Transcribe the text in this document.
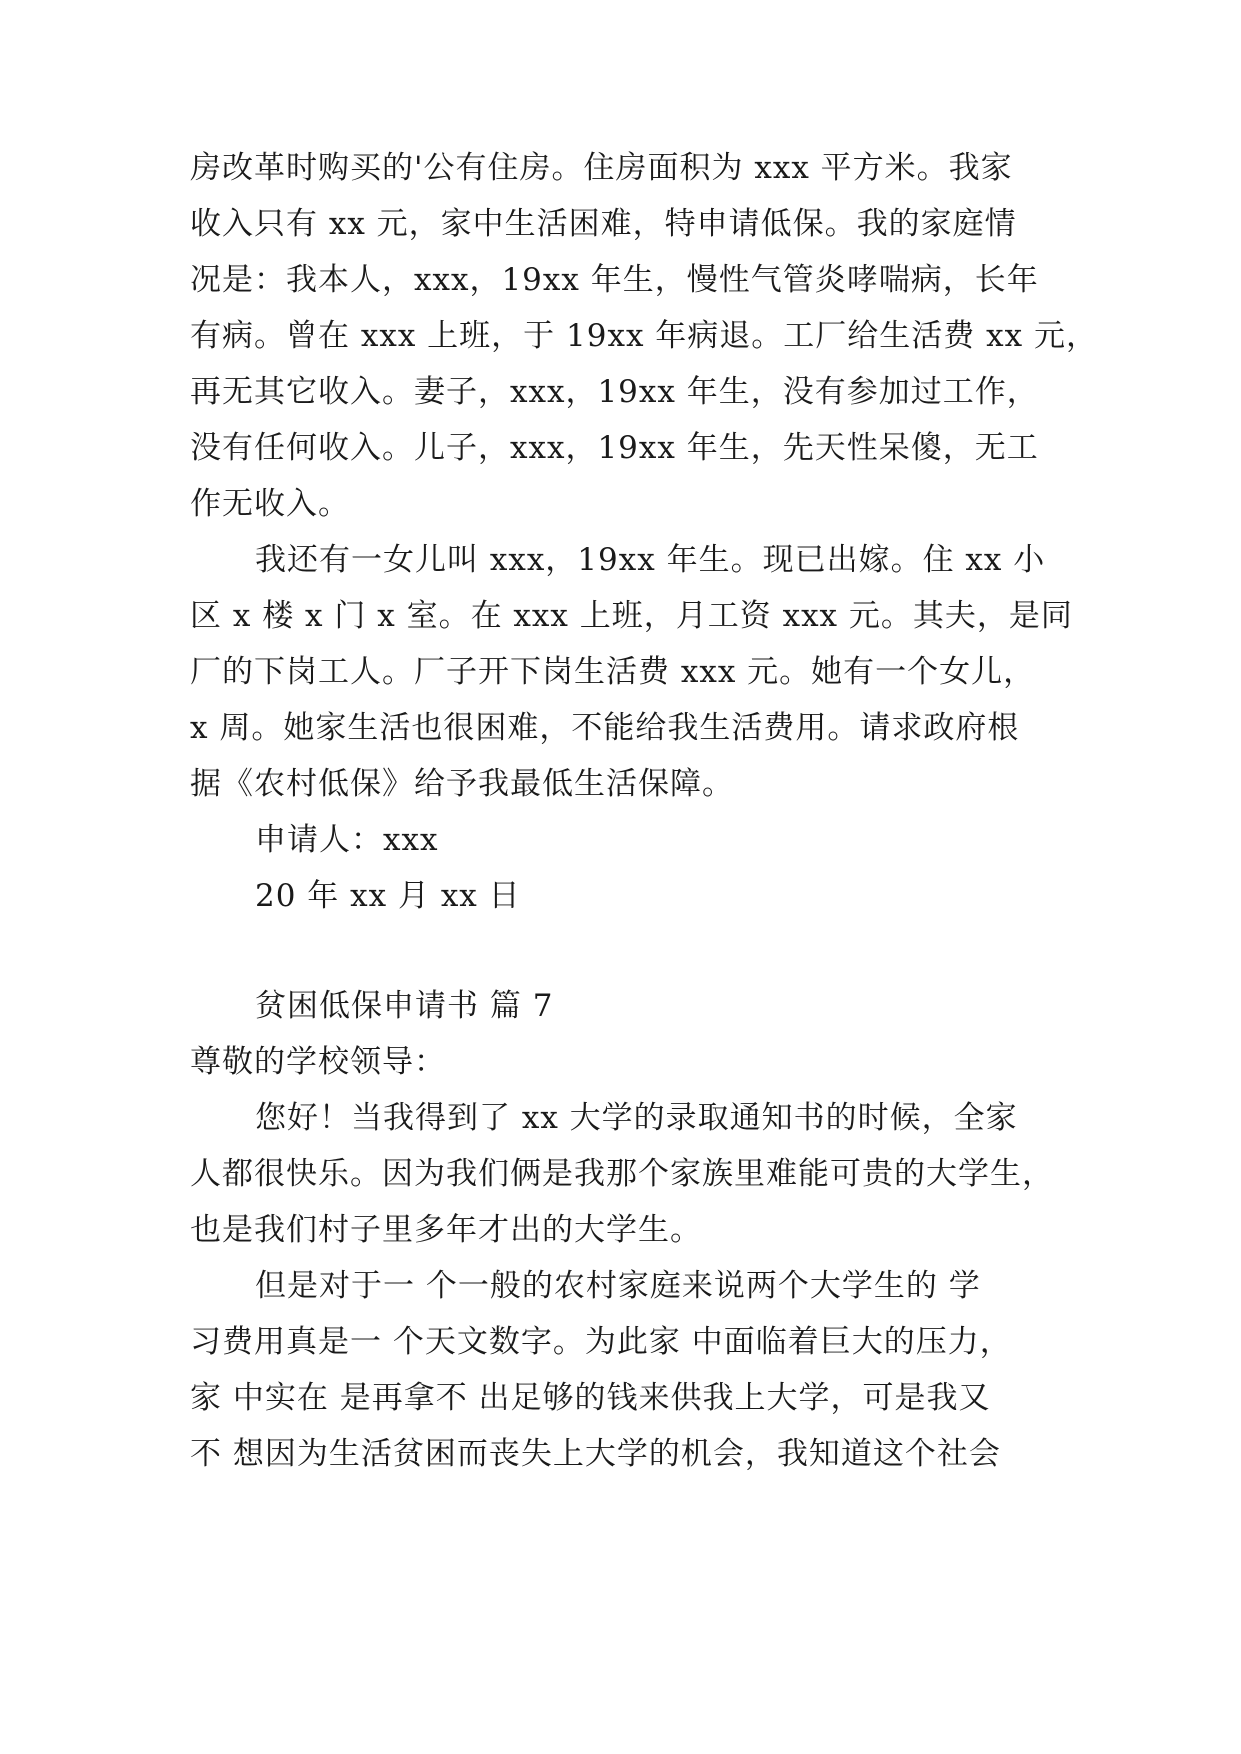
房改革时购买的'公有住房。住房面积为 xxx 平方米。我家
收入只有 xx 元，家中生活困难，特申请低保。我的家庭情
况是：我本人，xxx，19xx 年生，慢性气管炎哮喘病，长年
有病。曾在 xxx 上班，于 19xx 年病退。工厂给生活费 xx 元，
再无其它收入。妻子，xxx，19xx 年生，没有参加过工作，
没有任何收入。儿子，xxx，19xx 年生，先天性呆傻，无工
作无收入。
我还有一女儿叫 xxx，19xx 年生。现已出嫁。住 xx 小
区 x 楼 x 门 x 室。在 xxx 上班，月工资 xxx 元。其夫，是同
厂的下岗工人。厂子开下岗生活费 xxx 元。她有一个女儿，
x 周。她家生活也很困难，不能给我生活费用。请求政府根
据《农村低保》给予我最低生活保障。
申请人：xxx
20 年 xx 月 xx 日
贫困低保申请书 篇 7
尊敬的学校领导：
您好！当我得到了 xx 大学的录取通知书的时候，全家
人都很快乐。因为我们俩是我那个家族里难能可贵的大学生，
也是我们村子里多年才出的大学生。
但是对于一 个一般的农村家庭来说两个大学生的 学
习费用真是一 个天文数字。为此家 中面临着巨大的压力，
家 中实在 是再拿不 出足够的钱来供我上大学，可是我又
不 想因为生活贫困而丧失上大学的机会，我知道这个社会
